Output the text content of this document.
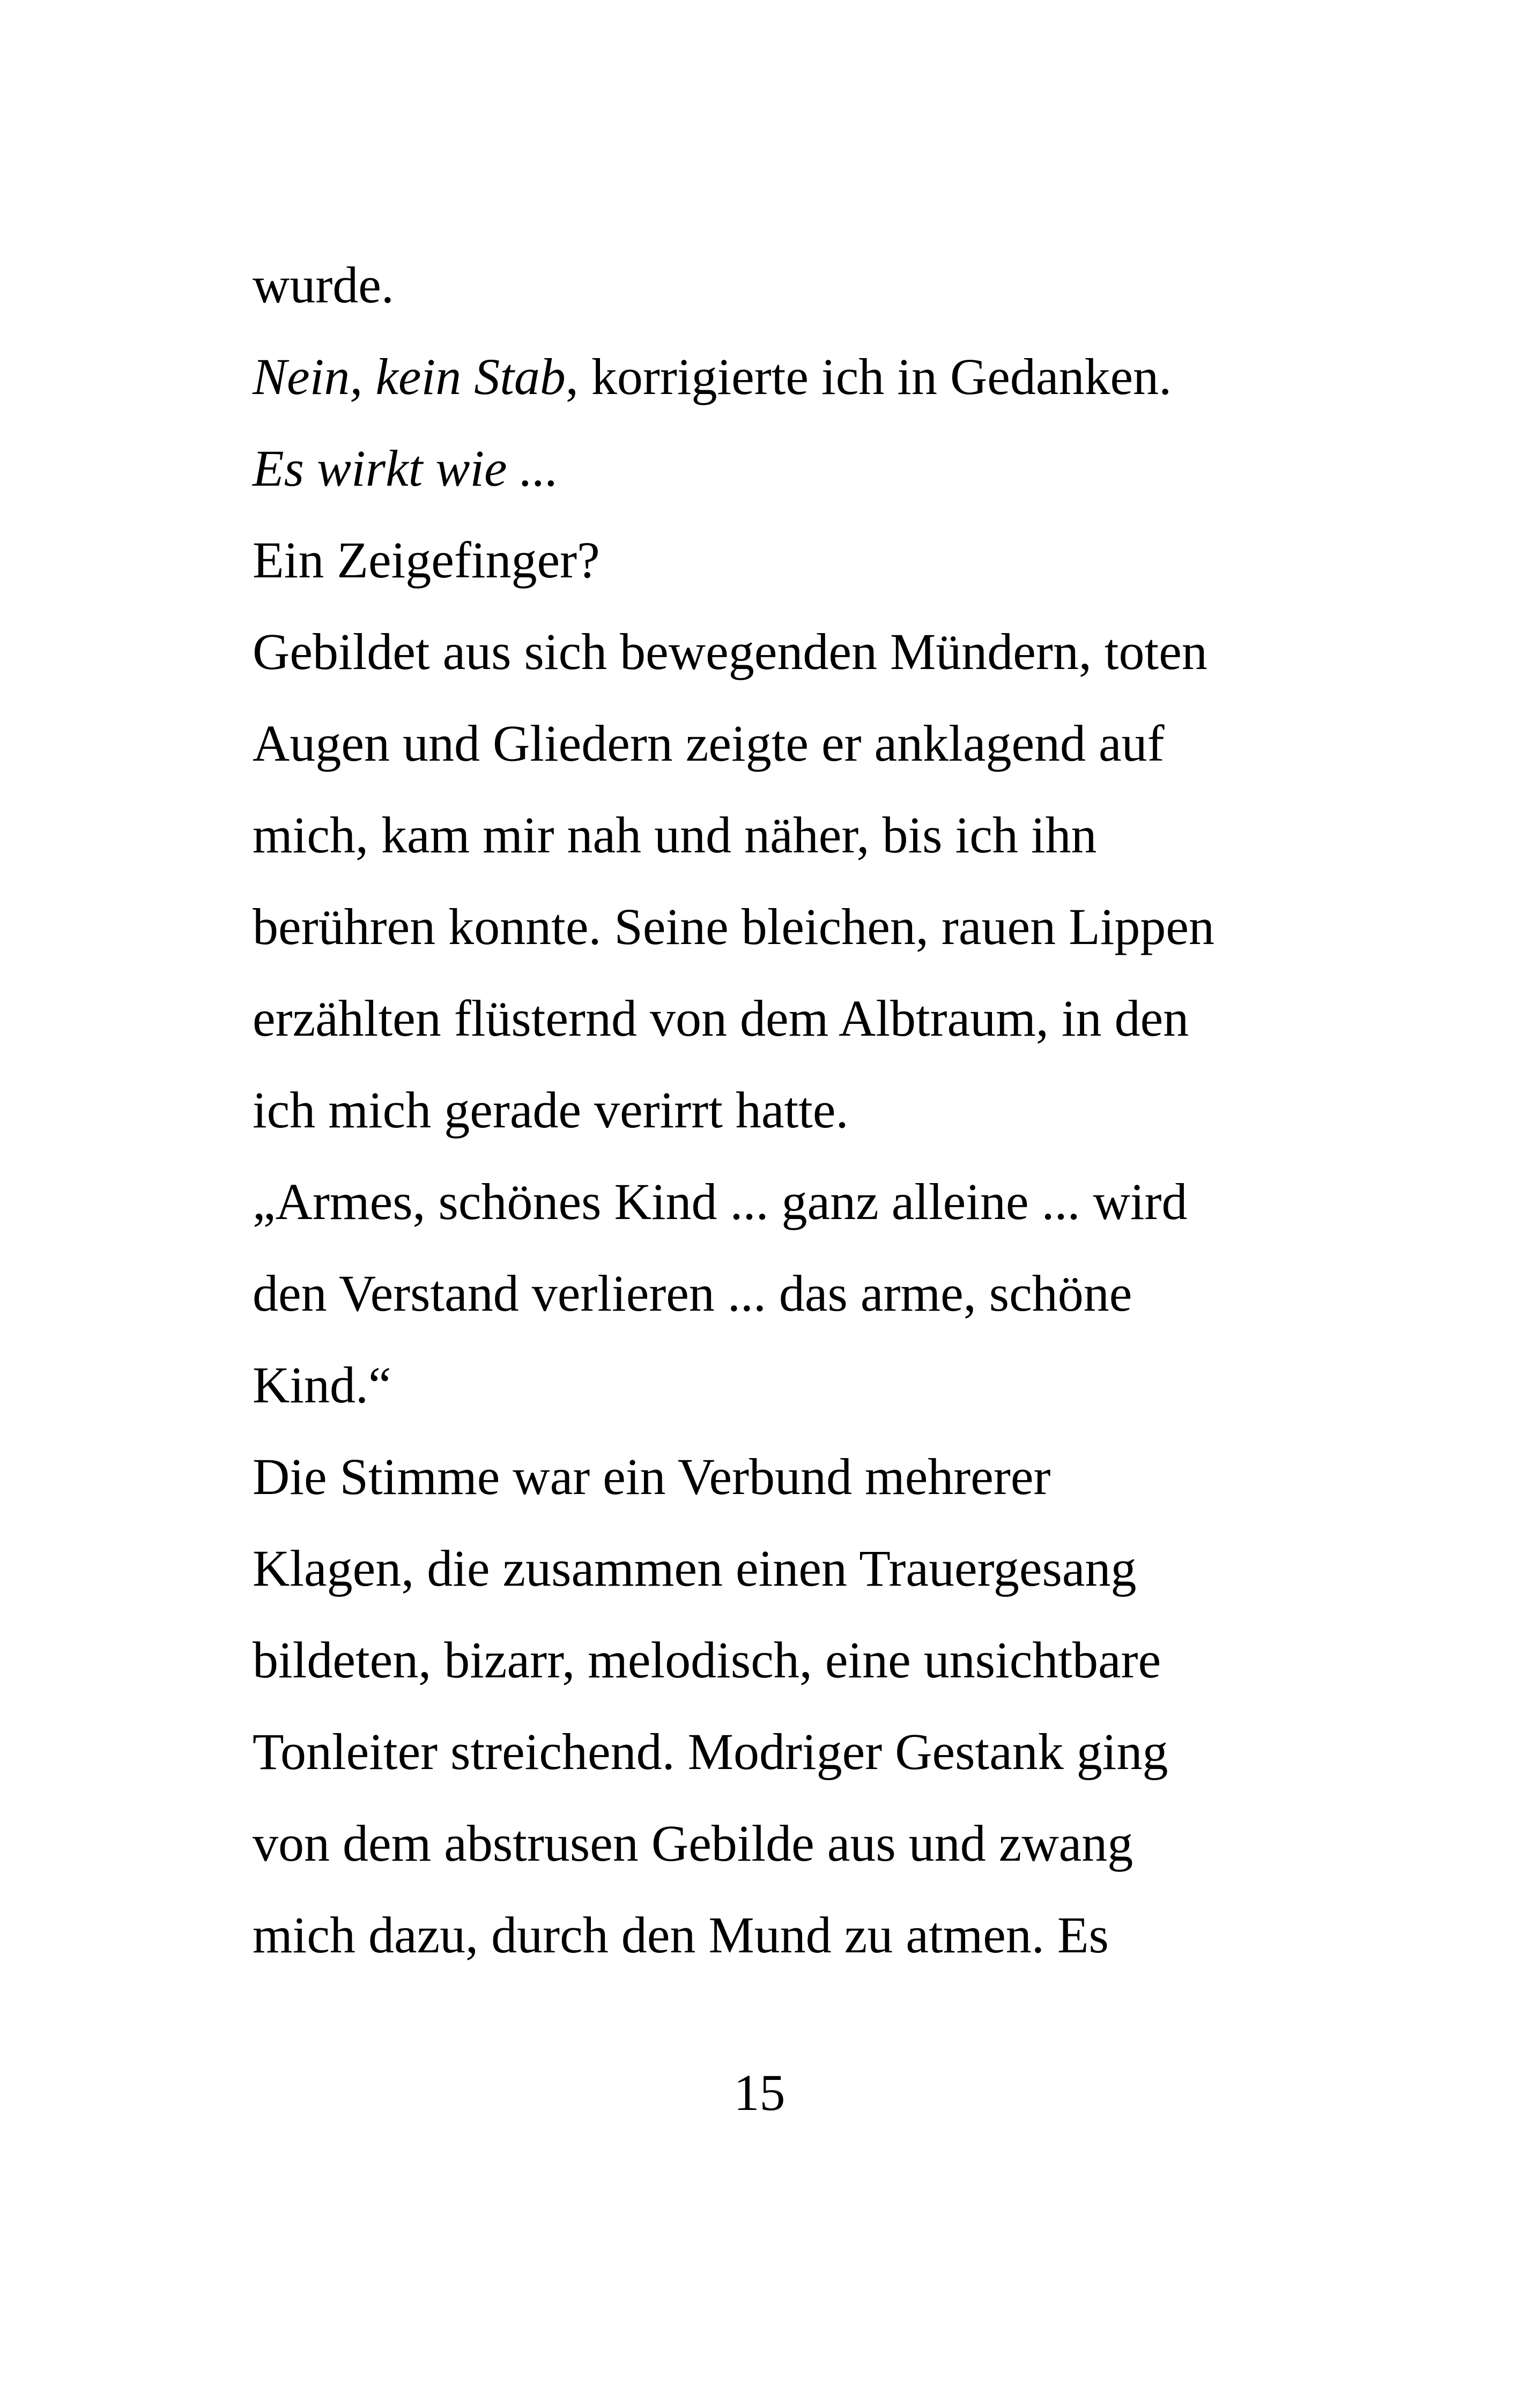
wurde.
Nein, kein Stab, korrigierte ich in Gedanken.
Es wirkt wie ...
Ein Zeigefinger?
Gebildet aus sich bewegenden Mündern, toten
Augen und Gliedern zeigte er anklagend auf
mich, kam mir nah und näher, bis ich ihn
berühren konnte. Seine bleichen, rauen Lippen
erzählten flüsternd von dem Albtraum, in den
ich mich gerade verirrt hatte.
„Armes, schönes Kind ... ganz alleine ... wird
den Verstand verlieren ... das arme, schöne
Kind.“
Die Stimme war ein Verbund mehrerer
Klagen, die zusammen einen Trauergesang
bildeten, bizarr, melodisch, eine unsichtbare
Tonleiter streichend. Modriger Gestank ging
von dem abstrusen Gebilde aus und zwang
mich dazu, durch den Mund zu atmen. Es
15
